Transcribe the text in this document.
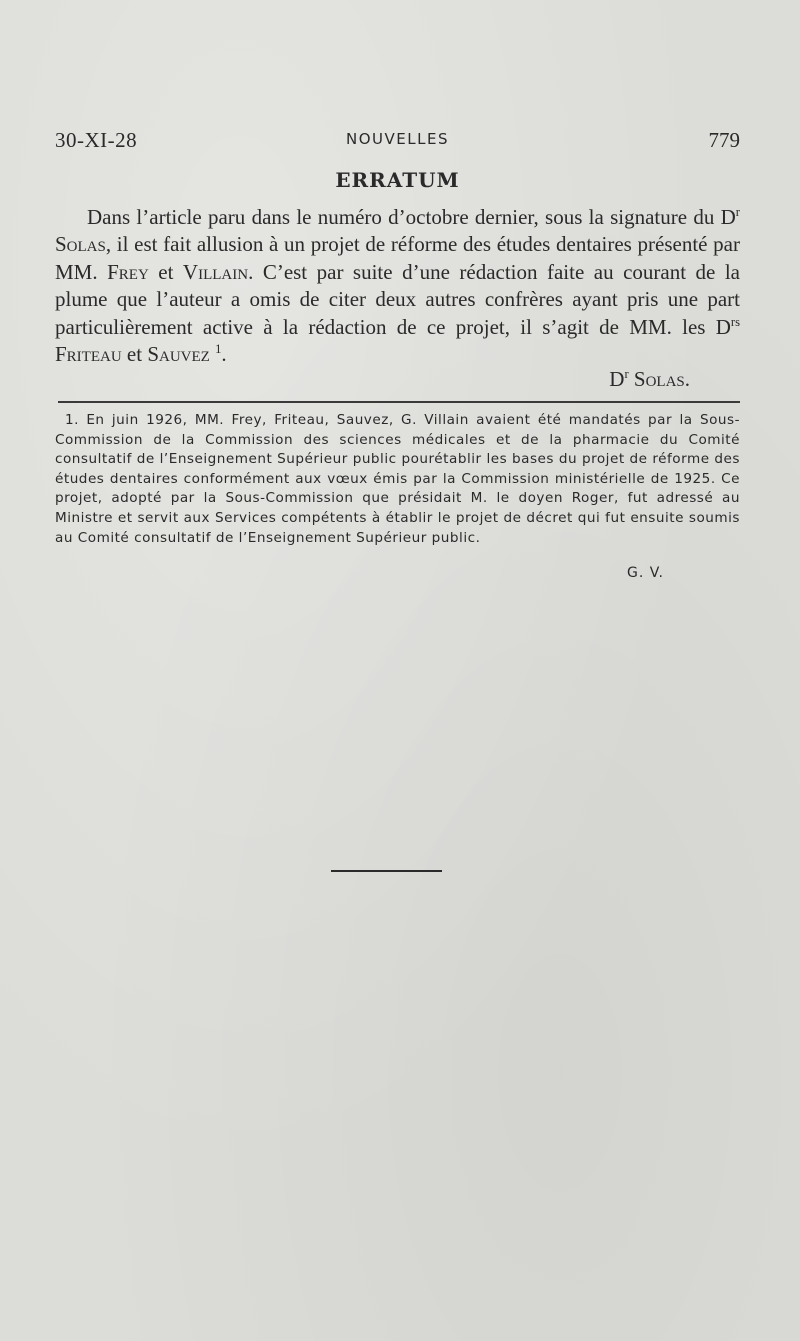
30-XI-28	NOUVELLES	779
ERRATUM

Dans l’article paru dans le numéro d’octobre dernier, sous la signature du $D^r$ Solas, il est fait allusion à un projet de réforme des études dentaires présenté par MM. Frey et Villain. C’est par suite d’une rédaction faite au courant de la plume que l’auteur a omis de citer deux autres confrères ayant pris une part particulièrement active à la rédaction de ce projet, il s’agit de MM. les $D^{rs}$ Friteau et Sauvez $^1$.

$D^r$ Solas.

1. En juin 1926, MM. Frey, Friteau, Sauvez, G. Villain avaient été mandatés par la Sous-Commission de la Commission des sciences médicales et de la pharmacie du Comité consultatif de l’Enseignement Supérieur public pourétablir les bases du projet de réforme des études dentaires conformément aux vœux émis par la Commission ministérielle de 1925. Ce projet, adopté par la Sous-Commission que présidait M. le doyen Roger, fut adressé au Ministre et servit aux Services compétents à établir le projet de décret qui fut ensuite soumis au Comité consultatif de l’Enseignement Supérieur public.

G. V.
